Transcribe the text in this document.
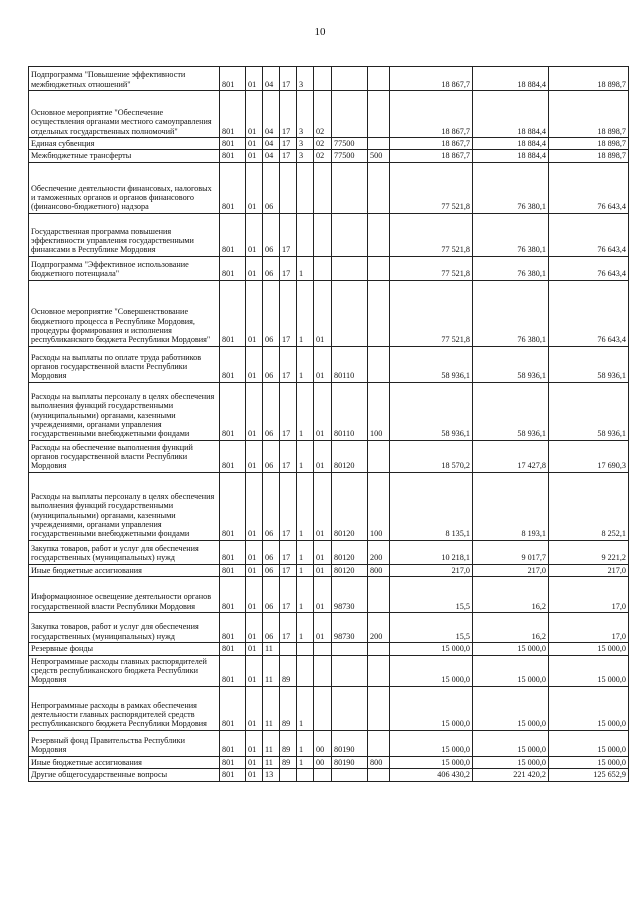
10
Подпрограмма "Повышение эффективности межбюджетных отношений"	801	01	04	17	3				18 867,7	18 884,4	18 898,7
Основное мероприятие "Обеспечение осуществления органами местного самоуправления отдельных государственных полномочий"	801	01	04	17	3	02			18 867,7	18 884,4	18 898,7
Единая субвенция	801	01	04	17	3	02	77500		18 867,7	18 884,4	18 898,7
Межбюджетные трансферты	801	01	04	17	3	02	77500	500	18 867,7	18 884,4	18 898,7
Обеспечение деятельности финансовых, налоговых и таможенных органов и органов финансового (финансово-бюджетного) надзора	801	01	06						77 521,8	76 380,1	76 643,4
Государственная программа повышения эффективности управления государственными финансами в Республике Мордовия	801	01	06	17					77 521,8	76 380,1	76 643,4
Подпрограмма "Эффективное использование бюджетного потенциала"	801	01	06	17	1				77 521,8	76 380,1	76 643,4
Основное мероприятие "Совершенствование бюджетного процесса в Республике Мордовия, процедуры формирования и исполнения республиканского бюджета Республики Мордовия"	801	01	06	17	1	01			77 521,8	76 380,1	76 643,4
Расходы на выплаты по оплате труда работников органов государственной власти Республики Мордовия	801	01	06	17	1	01	80110		58 936,1	58 936,1	58 936,1
Расходы на выплаты персоналу в целях обеспечения выполнения функций государственными (муниципальными) органами, казенными учреждениями, органами управления государственными внебюджетными фондами	801	01	06	17	1	01	80110	100	58 936,1	58 936,1	58 936,1
Расходы на обеспечение выполнения функций органов государственной власти Республики Мордовия	801	01	06	17	1	01	80120		18 570,2	17 427,8	17 690,3
Расходы на выплаты персоналу в целях обеспечения выполнения функций государственными (муниципальными) органами, казенными учреждениями, органами управления государственными внебюджетными фондами	801	01	06	17	1	01	80120	100	8 135,1	8 193,1	8 252,1
Закупка товаров, работ и услуг для обеспечения государственных (муниципальных) нужд	801	01	06	17	1	01	80120	200	10 218,1	9 017,7	9 221,2
Иные бюджетные ассигнования	801	01	06	17	1	01	80120	800	217,0	217,0	217,0
Информационное освещение деятельности органов государственной власти Республики Мордовия	801	01	06	17	1	01	98730		15,5	16,2	17,0
Закупка товаров, работ и услуг для обеспечения государственных (муниципальных) нужд	801	01	06	17	1	01	98730	200	15,5	16,2	17,0
Резервные фонды	801	01	11						15 000,0	15 000,0	15 000,0
Непрограммные расходы главных распорядителей средств республиканского бюджета Республики Мордовия	801	01	11	89					15 000,0	15 000,0	15 000,0
Непрограммные расходы в рамках обеспечения деятельности главных распорядителей средств республиканского бюджета Республики Мордовия	801	01	11	89	1				15 000,0	15 000,0	15 000,0
Резервный фонд Правительства Республики Мордовия	801	01	11	89	1	00	80190		15 000,0	15 000,0	15 000,0
Иные бюджетные ассигнования	801	01	11	89	1	00	80190	800	15 000,0	15 000,0	15 000,0
Другие общегосударственные вопросы	801	01	13						406 430,2	221 420,2	125 652,9
